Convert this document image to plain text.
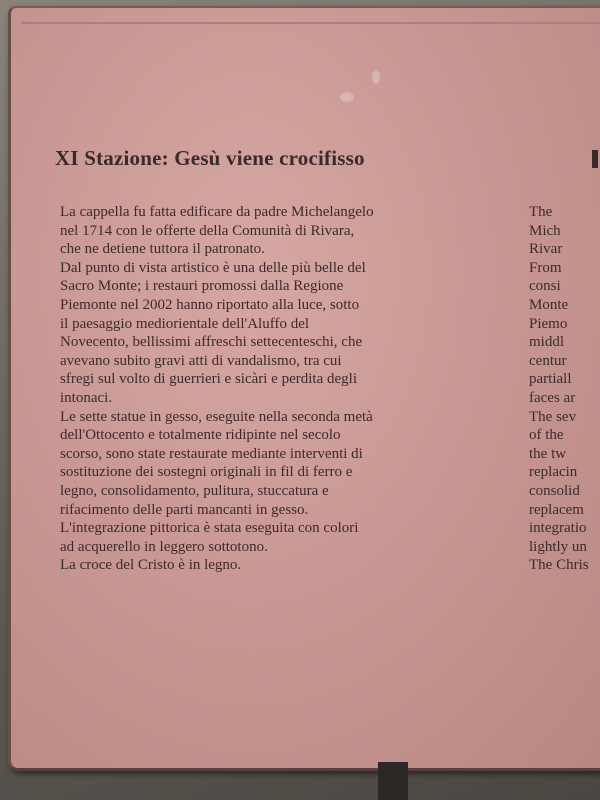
XI Stazione: Gesù viene crocifisso
La cappella fu fatta edificare da padre Michelangelo
nel 1714 con le offerte della Comunità di Rivara,
che ne detiene tuttora il patronato.
Dal punto di vista artistico è una delle più belle del
Sacro Monte; i restauri promossi dalla Regione
Piemonte nel 2002 hanno riportato alla luce, sotto
il paesaggio mediorientale dell'Aluffo del
Novecento, bellissimi affreschi settecenteschi, che
avevano subito gravi atti di vandalismo, tra cui
sfregi sul volto di guerrieri e sicàri e perdita degli
intonaci.
Le sette statue in gesso, eseguite nella seconda metà
dell'Ottocento e totalmente ridipinte nel secolo
scorso, sono state restaurate mediante interventi di
sostituzione dei sostegni originali in fil di ferro e
legno, consolidamento, pulitura, stuccatura e
rifacimento delle parti mancanti in gesso.
L'integrazione pittorica è stata eseguita con colori
ad acquerello in leggero sottotono.
La croce del Cristo è in legno.
The
Mich
Rivar
From
consi
Monte
Piemo
middl
centur
partiall
faces ar
The sev
of the
the tw
replacin
consolid
replacem
integratio
lightly un
The Chris
